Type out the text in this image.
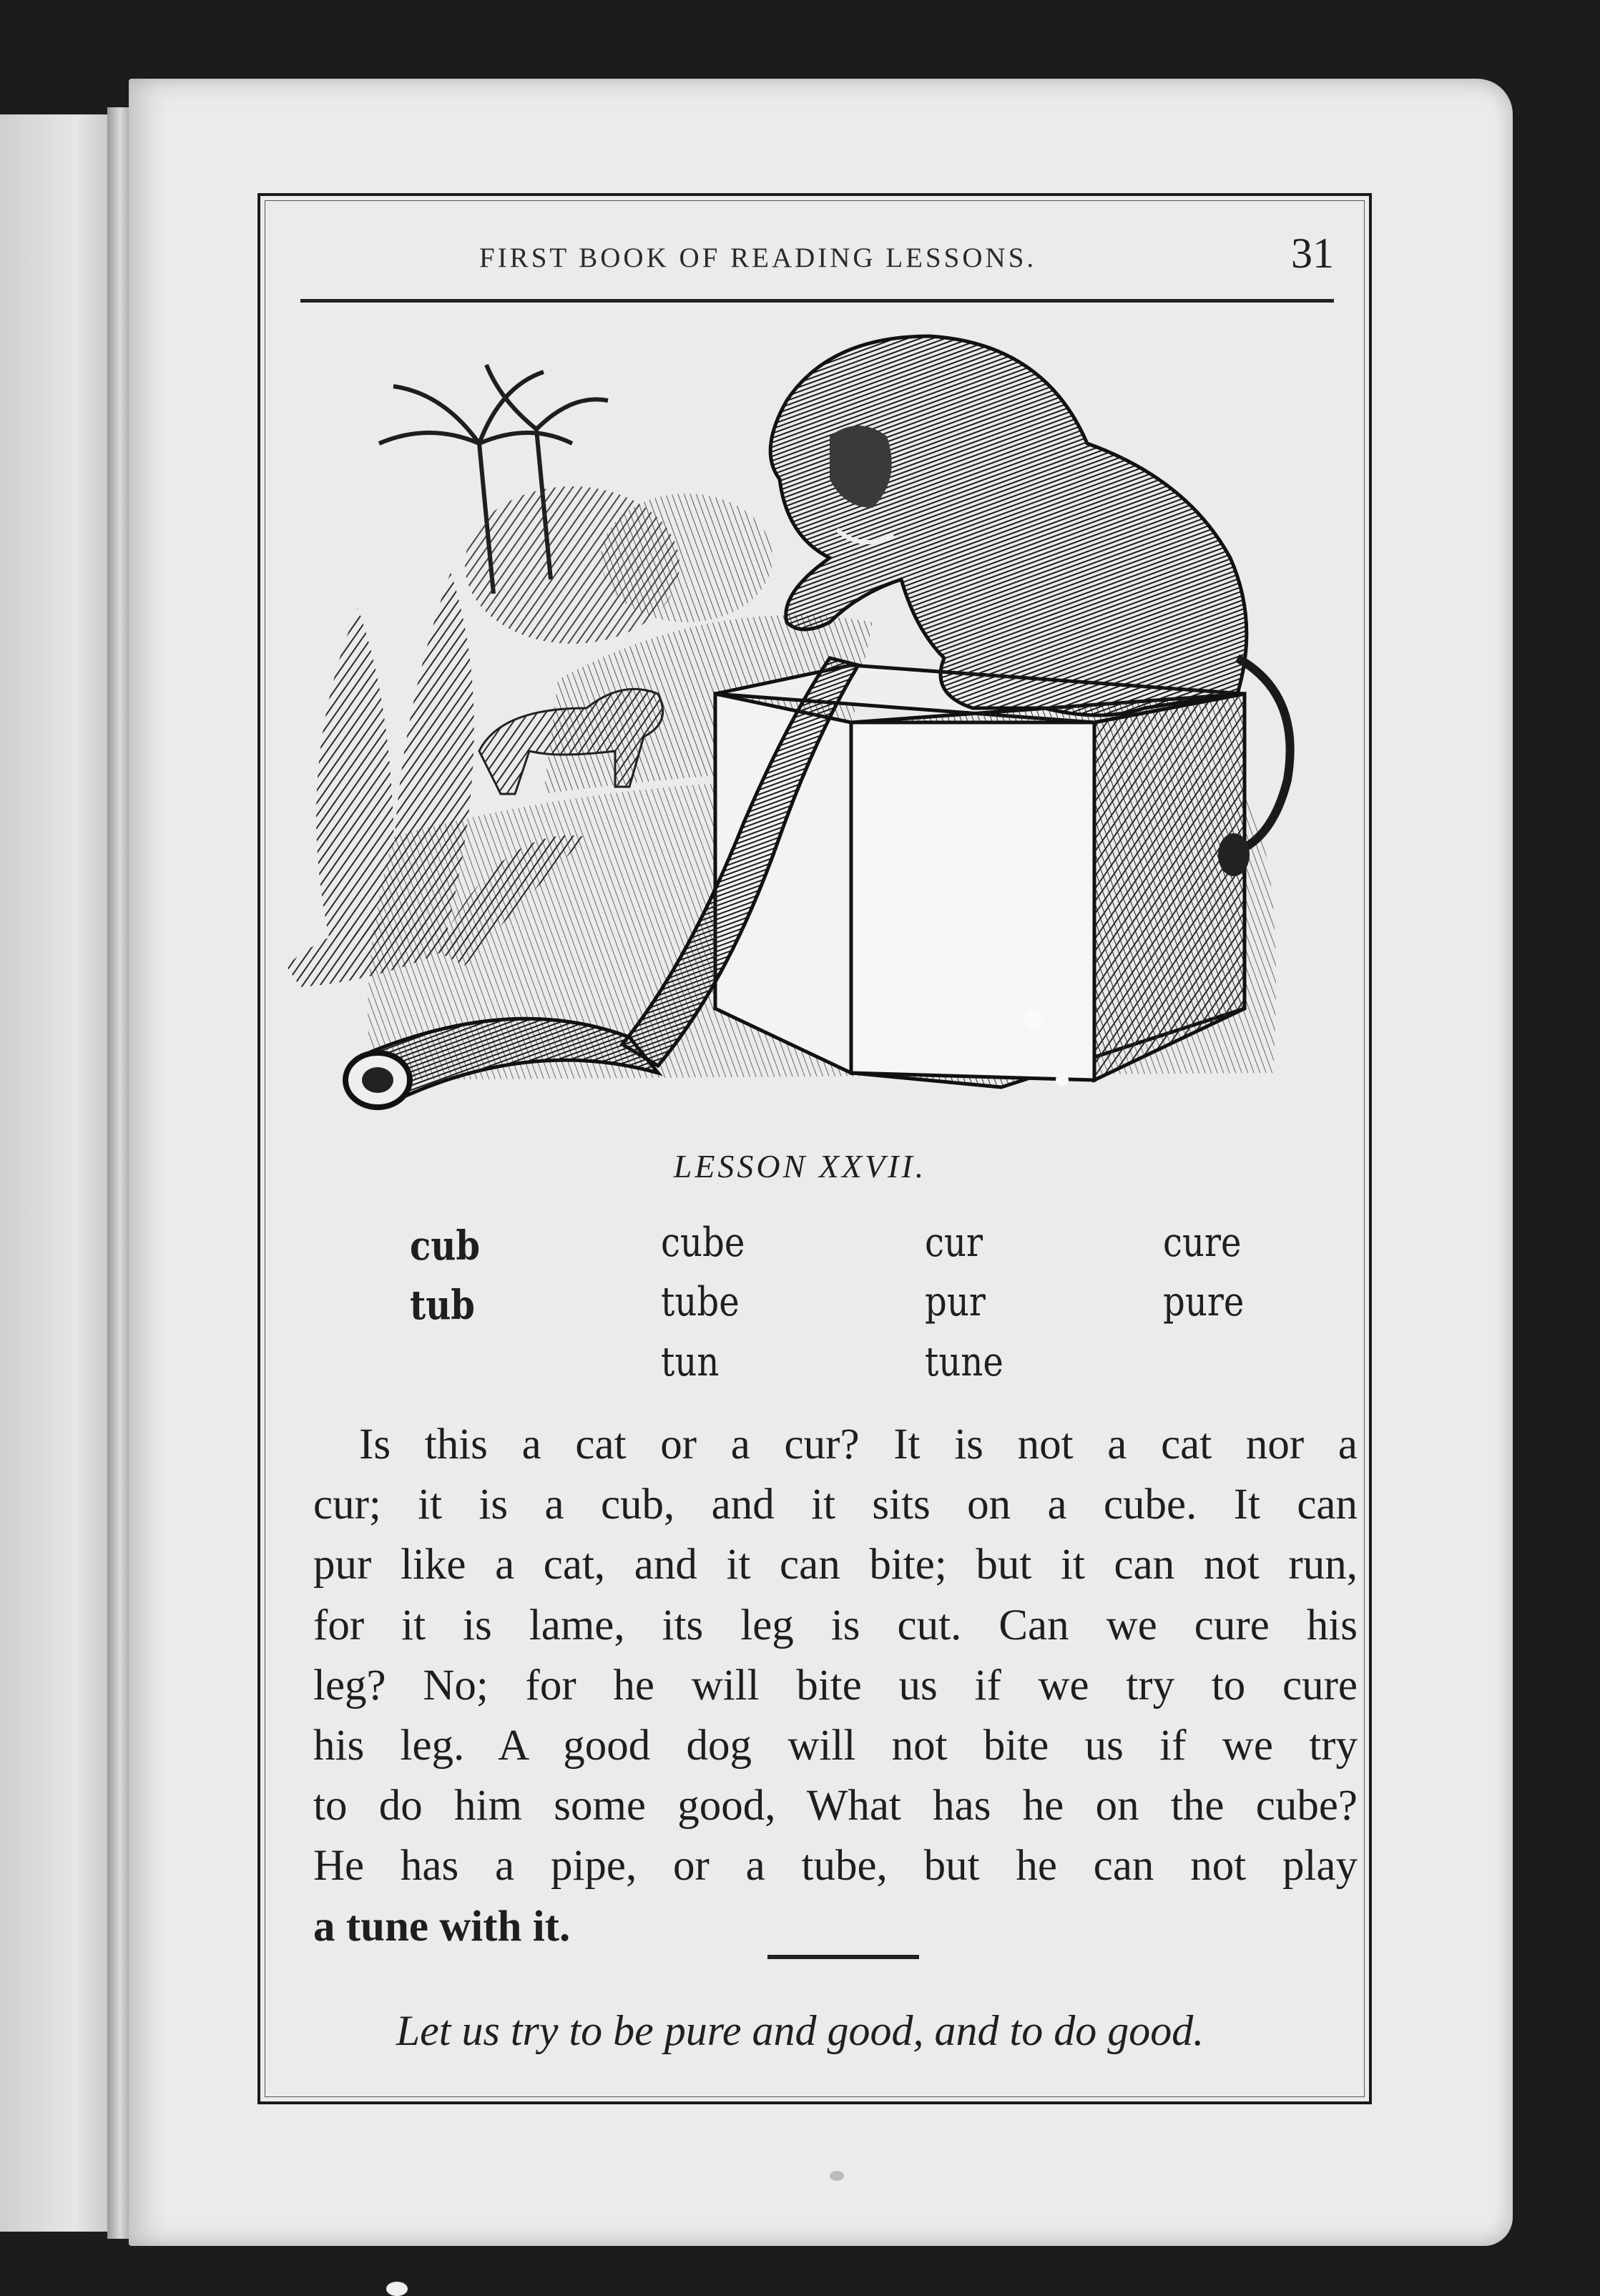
FIRST BOOK OF READING LESSONS.	31
LESSON XXVII.
cub
tub
cube
tube
tun
cur
pur
tune
cure
pure
Is this a cat or a cur? It is not a cat nor a
cur; it is a cub, and it sits on a cube. It can
pur like a cat, and it can bite; but it can not run,
for it is lame, its leg is cut. Can we cure his
leg? No; for he will bite us if we try to cure
his leg. A good dog will not bite us if we try
to do him some good, What has he on the cube?
He has a pipe, or a tube, but he can not play
a tune with it.
Let us try to be pure and good, and to do good.
